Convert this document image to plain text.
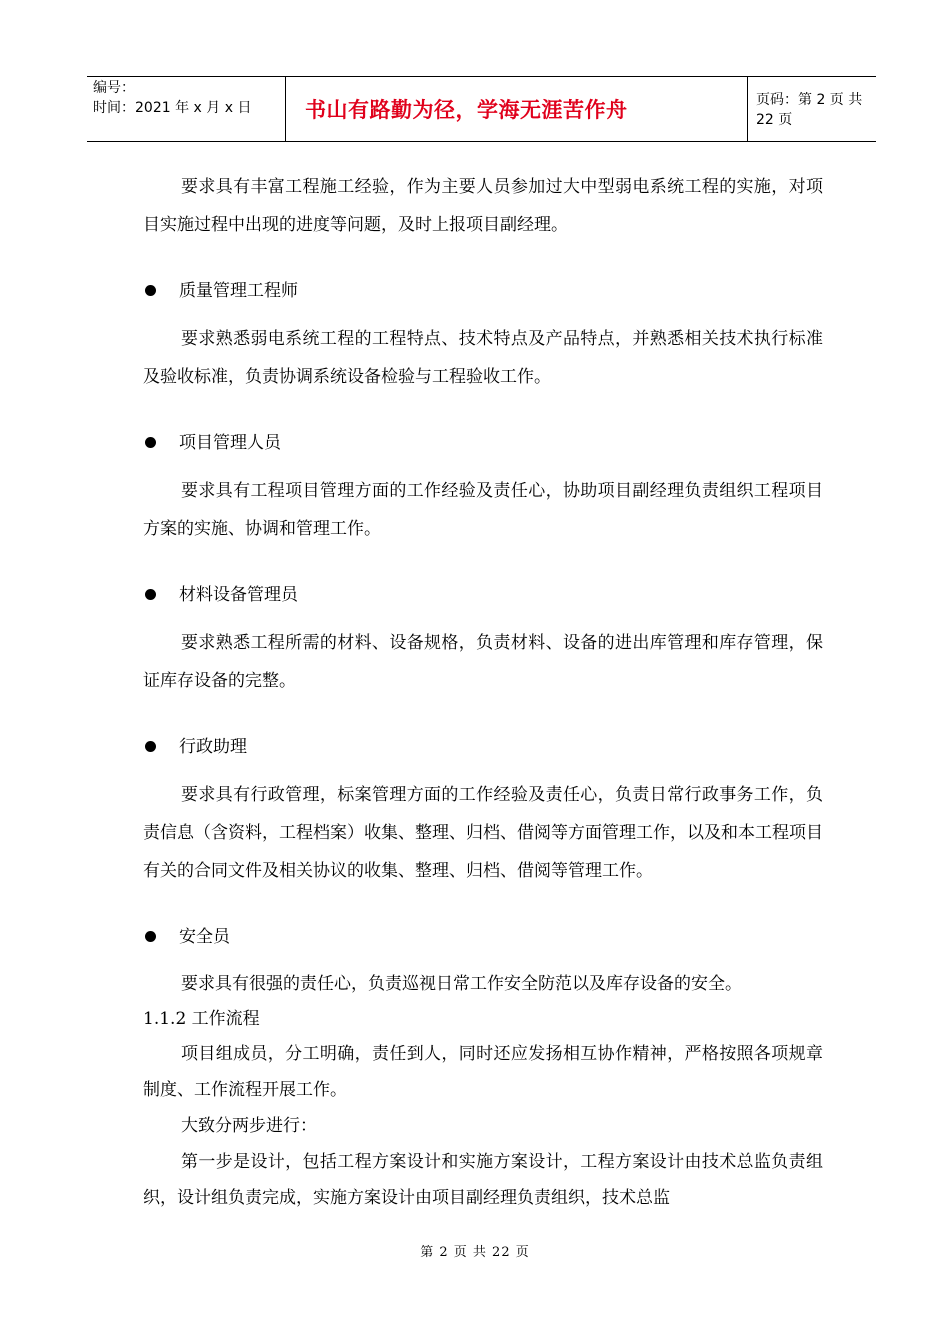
编号：
时间：2021 年 x 月 x 日	书山有路勤为径，学海无涯苦作舟	页码：第 2 页 共 22 页

要求具有丰富工程施工经验，作为主要人员参加过大中型弱电系统工程的实施，对项目实施过程中出现的进度等问题，及时上报项目副经理。

质量管理工程师

要求熟悉弱电系统工程的工程特点、技术特点及产品特点，并熟悉相关技术执行标准及验收标准，负责协调系统设备检验与工程验收工作。

项目管理人员

要求具有工程项目管理方面的工作经验及责任心，协助项目副经理负责组织工程项目方案的实施、协调和管理工作。

材料设备管理员

要求熟悉工程所需的材料、设备规格，负责材料、设备的进出库管理和库存管理，保证库存设备的完整。

行政助理

要求具有行政管理，标案管理方面的工作经验及责任心，负责日常行政事务工作，负责信息（含资料，工程档案）收集、整理、归档、借阅等方面管理工作，以及和本工程项目有关的合同文件及相关协议的收集、整理、归档、借阅等管理工作。

安全员

要求具有很强的责任心，负责巡视日常工作安全防范以及库存设备的安全。

1.1.2 工作流程

项目组成员，分工明确，责任到人，同时还应发扬相互协作精神，严格按照各项规章制度、工作流程开展工作。

大致分两步进行：

第一步是设计，包括工程方案设计和实施方案设计，工程方案设计由技术总监负责组织，设计组负责完成，实施方案设计由项目副经理负责组织，技术总监

第 2 页 共 22 页
